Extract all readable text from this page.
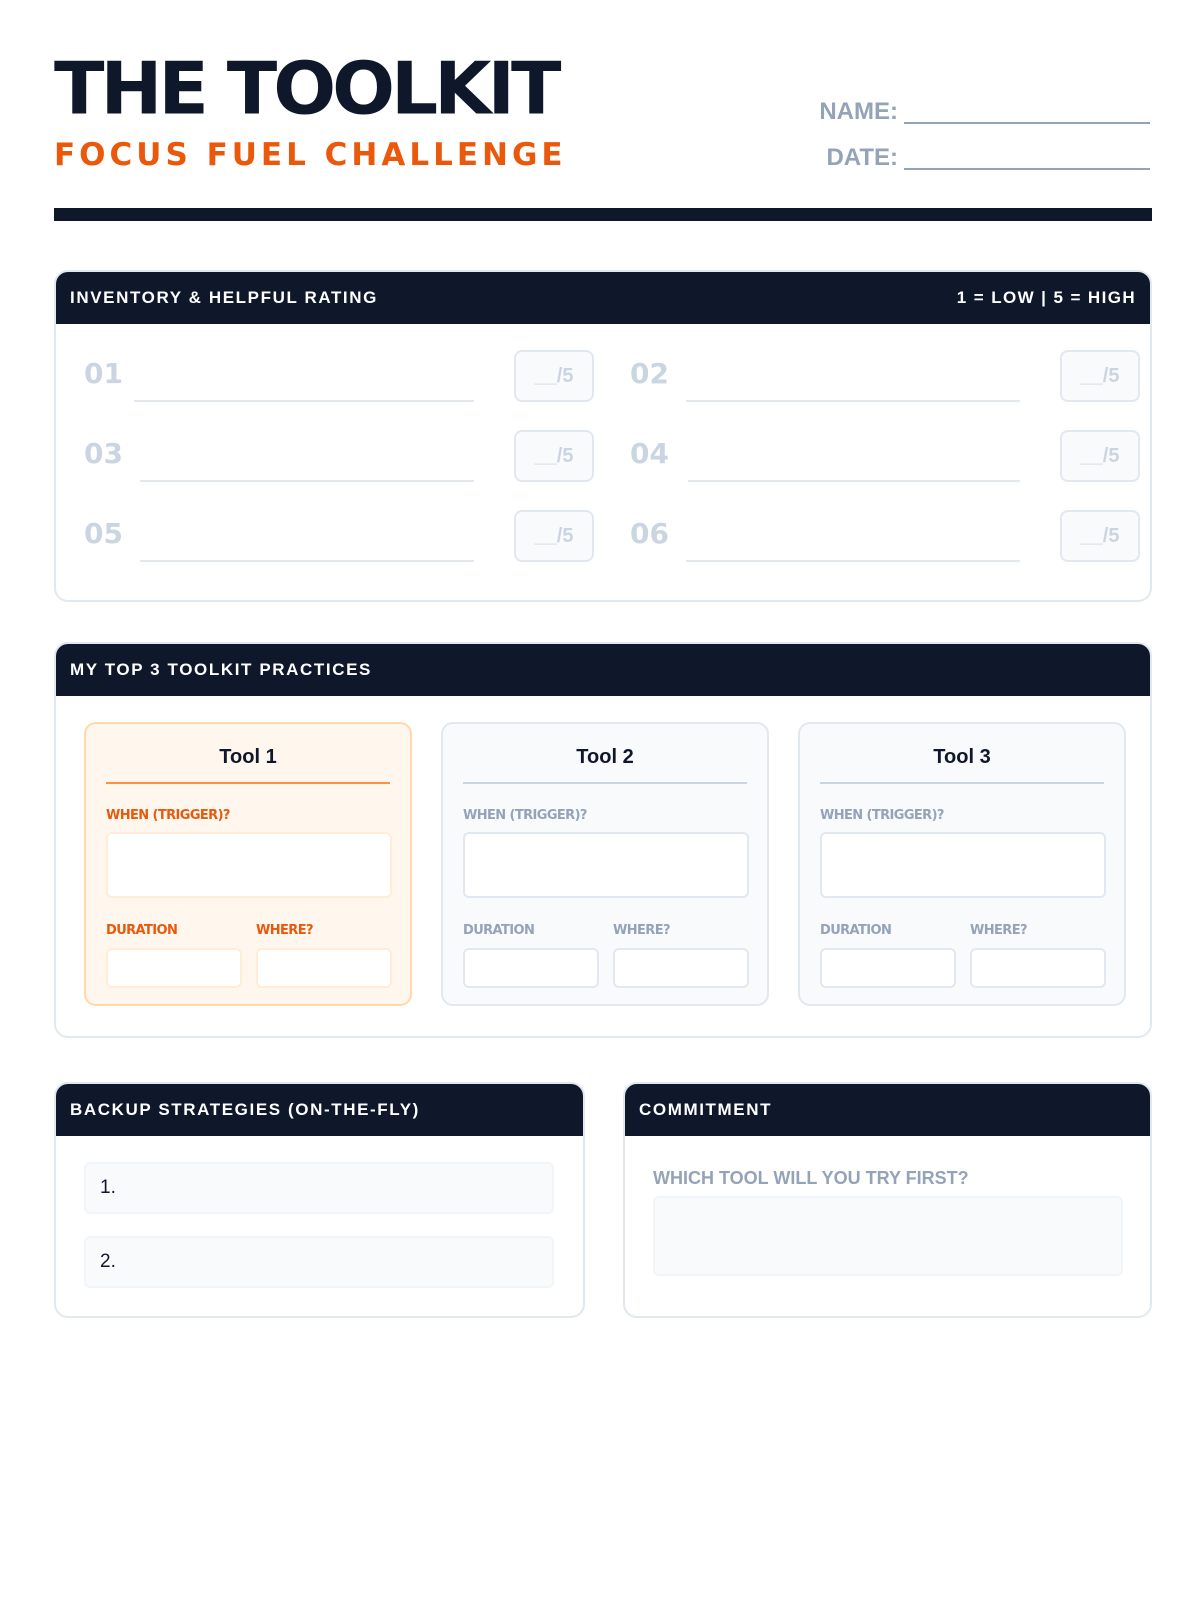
THE TOOLKIT
FOCUS FUEL CHALLENGE
NAME:
DATE:
INVENTORY & HELPFUL RATING	1 = LOW | 5 = HIGH
01	__/5
03	__/5
05	__/5
02	__/5
04	__/5
06	__/5
MY TOP 3 TOOLKIT PRACTICES
Tool 1
WHEN (TRIGGER)?
DURATION	WHERE?
Tool 2
WHEN (TRIGGER)?
DURATION	WHERE?
Tool 3
WHEN (TRIGGER)?
DURATION	WHERE?
BACKUP STRATEGIES (ON-THE-FLY)
1.
2.
COMMITMENT
WHICH TOOL WILL YOU TRY FIRST?
